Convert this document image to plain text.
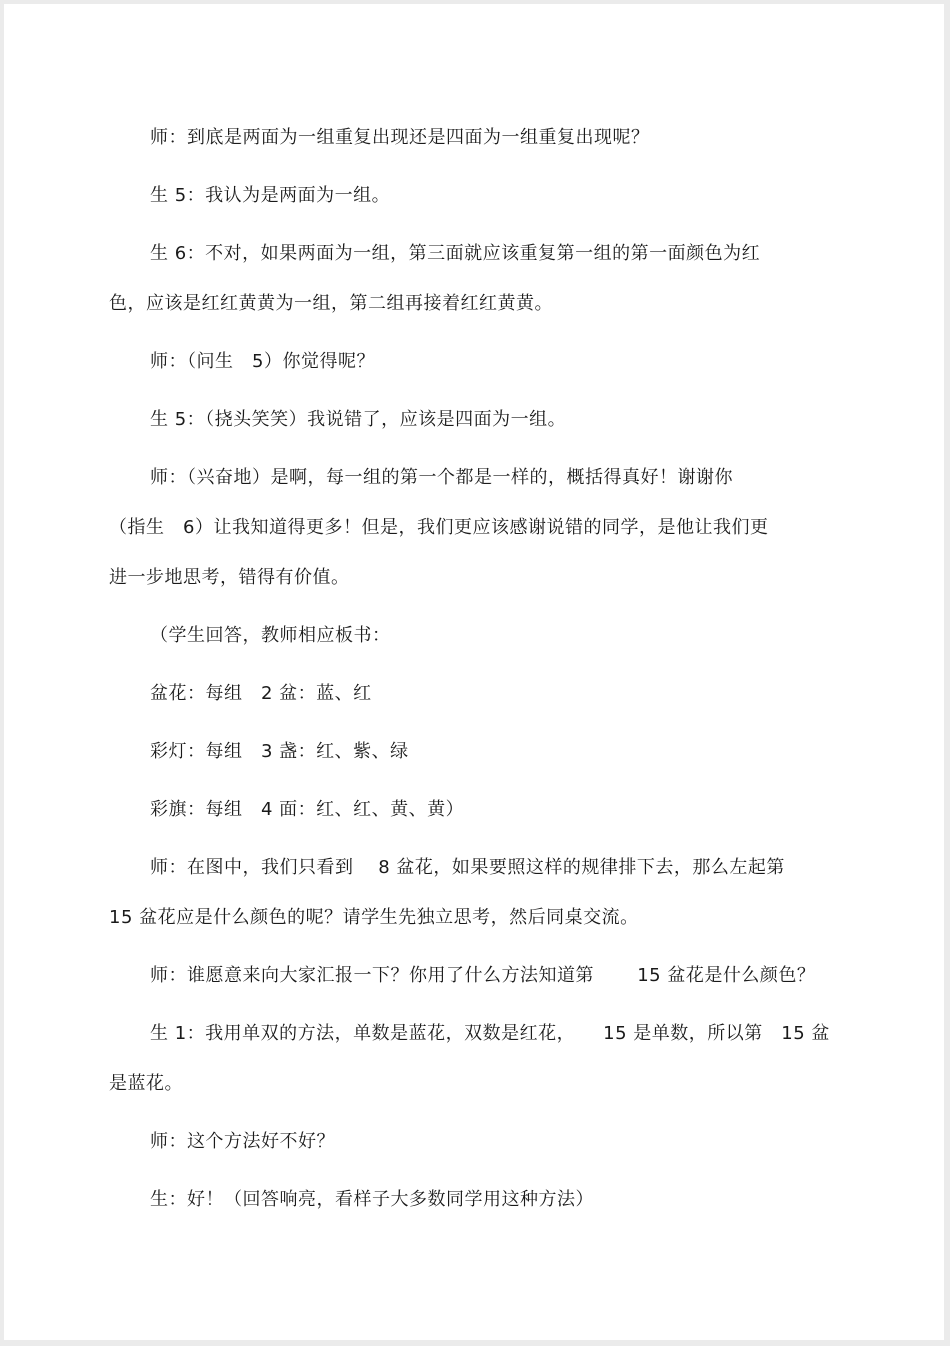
师：到底是两面为一组重复出现还是四面为一组重复出现呢？
生 5：我认为是两面为一组。
生 6：不对，如果两面为一组，第三面就应该重复第一组的第一面颜色为红
色，应该是红红黄黄为一组，第二组再接着红红黄黄。
师：（问生　5）你觉得呢？
生 5：（挠头笑笑）我说错了，应该是四面为一组。
师：（兴奋地）是啊，每一组的第一个都是一样的，概括得真好！谢谢你
（指生　6）让我知道得更多！但是，我们更应该感谢说错的同学，是他让我们更
进一步地思考，错得有价值。
（学生回答，教师相应板书：
盆花：每组　2 盆：蓝、红
彩灯：每组　3 盏：红、紫、绿
彩旗：每组　4 面：红、红、黄、黄）
师：在图中，我们只看到　 8 盆花，如果要照这样的规律排下去，那么左起第
15 盆花应是什么颜色的呢？请学生先独立思考，然后同桌交流。
师：谁愿意来向大家汇报一下？你用了什么方法知道第　　 15 盆花是什么颜色？
生 1：我用单双的方法，单数是蓝花，双数是红花，　　15 是单数，所以第　15 盆
是蓝花。
师：这个方法好不好？
生：好！（回答响亮，看样子大多数同学用这种方法）
